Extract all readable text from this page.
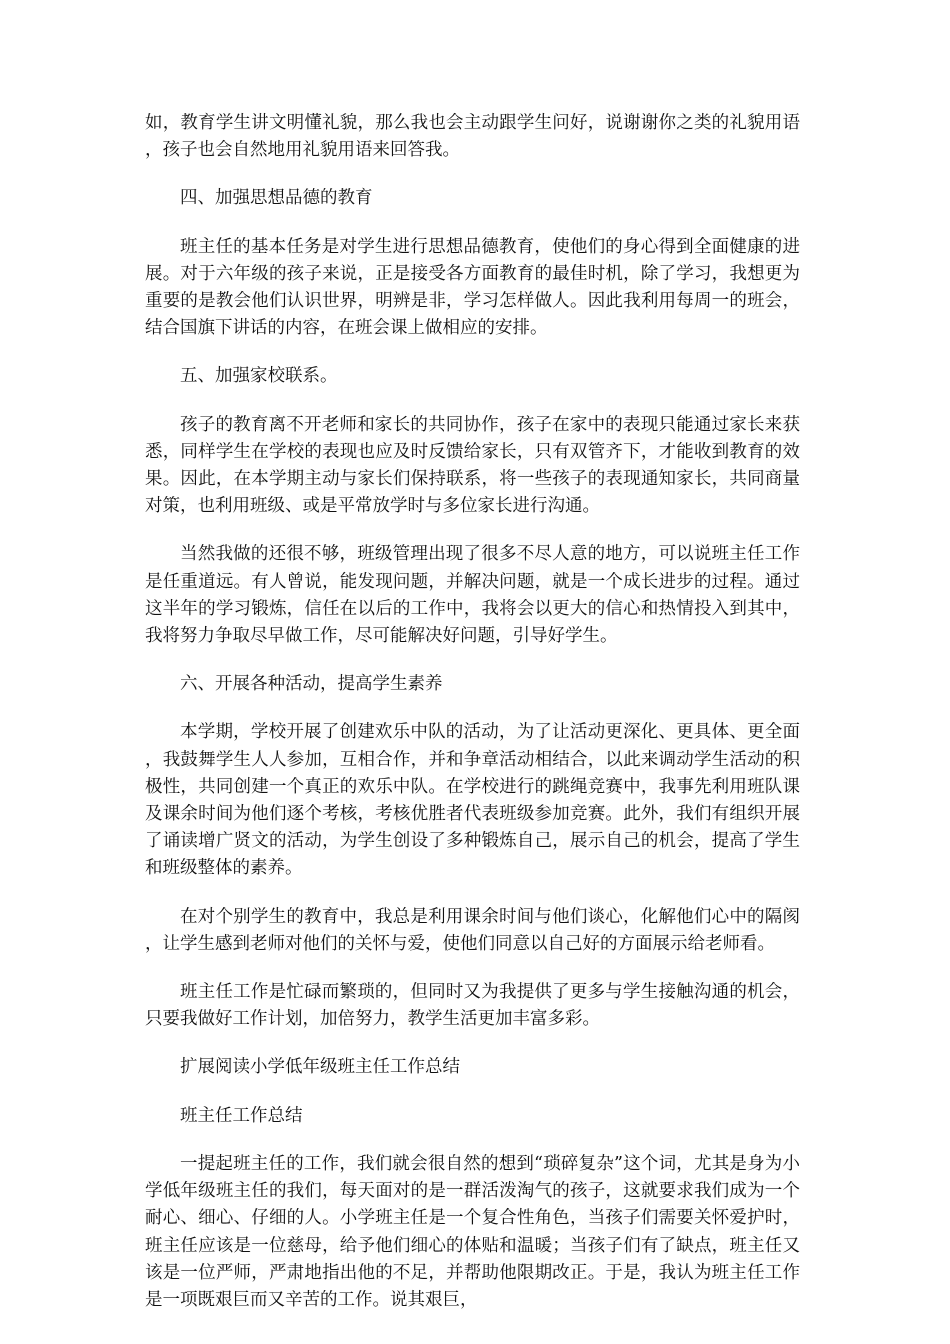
如，教育学生讲文明懂礼貌，那么我也会主动跟学生问好，说谢谢你之类的礼貌用语，孩子也会自然地用礼貌用语来回答我。

四、加强思想品德的教育

班主任的基本任务是对学生进行思想品德教育，使他们的身心得到全面健康的进展。对于六年级的孩子来说，正是接受各方面教育的最佳时机，除了学习，我想更为重要的是教会他们认识世界，明辨是非，学习怎样做人。因此我利用每周一的班会，结合国旗下讲话的内容，在班会课上做相应的安排。

五、加强家校联系。

孩子的教育离不开老师和家长的共同协作，孩子在家中的表现只能通过家长来获悉，同样学生在学校的表现也应及时反馈给家长，只有双管齐下，才能收到教育的效果。因此，在本学期主动与家长们保持联系，将一些孩子的表现通知家长，共同商量对策，也利用班级、或是平常放学时与多位家长进行沟通。

当然我做的还很不够，班级管理出现了很多不尽人意的地方，可以说班主任工作是任重道远。有人曾说，能发现问题，并解决问题，就是一个成长进步的过程。通过这半年的学习锻炼，信任在以后的工作中，我将会以更大的信心和热情投入到其中，我将努力争取尽早做工作，尽可能解决好问题，引导好学生。

六、开展各种活动，提高学生素养

本学期，学校开展了创建欢乐中队的活动，为了让活动更深化、更具体、更全面，我鼓舞学生人人参加，互相合作，并和争章活动相结合，以此来调动学生活动的积极性，共同创建一个真正的欢乐中队。在学校进行的跳绳竞赛中，我事先利用班队课及课余时间为他们逐个考核，考核优胜者代表班级参加竞赛。此外，我们有组织开展了诵读增广贤文的活动，为学生创设了多种锻炼自己，展示自己的机会，提高了学生和班级整体的素养。

在对个别学生的教育中，我总是利用课余时间与他们谈心，化解他们心中的隔阂，让学生感到老师对他们的关怀与爱，使他们同意以自己好的方面展示给老师看。

班主任工作是忙碌而繁琐的，但同时又为我提供了更多与学生接触沟通的机会，只要我做好工作计划，加倍努力，教学生活更加丰富多彩。

扩展阅读小学低年级班主任工作总结

班主任工作总结

一提起班主任的工作，我们就会很自然的想到“琐碎复杂”这个词，尤其是身为小学低年级班主任的我们，每天面对的是一群活泼淘气的孩子，这就要求我们成为一个耐心、细心、仔细的人。小学班主任是一个复合性角色，当孩子们需要关怀爱护时，班主任应该是一位慈母，给予他们细心的体贴和温暖；当孩子们有了缺点，班主任又该是一位严师，严肃地指出他的不足，并帮助他限期改正。于是，我认为班主任工作是一项既艰巨而又辛苦的工作。说其艰巨，
